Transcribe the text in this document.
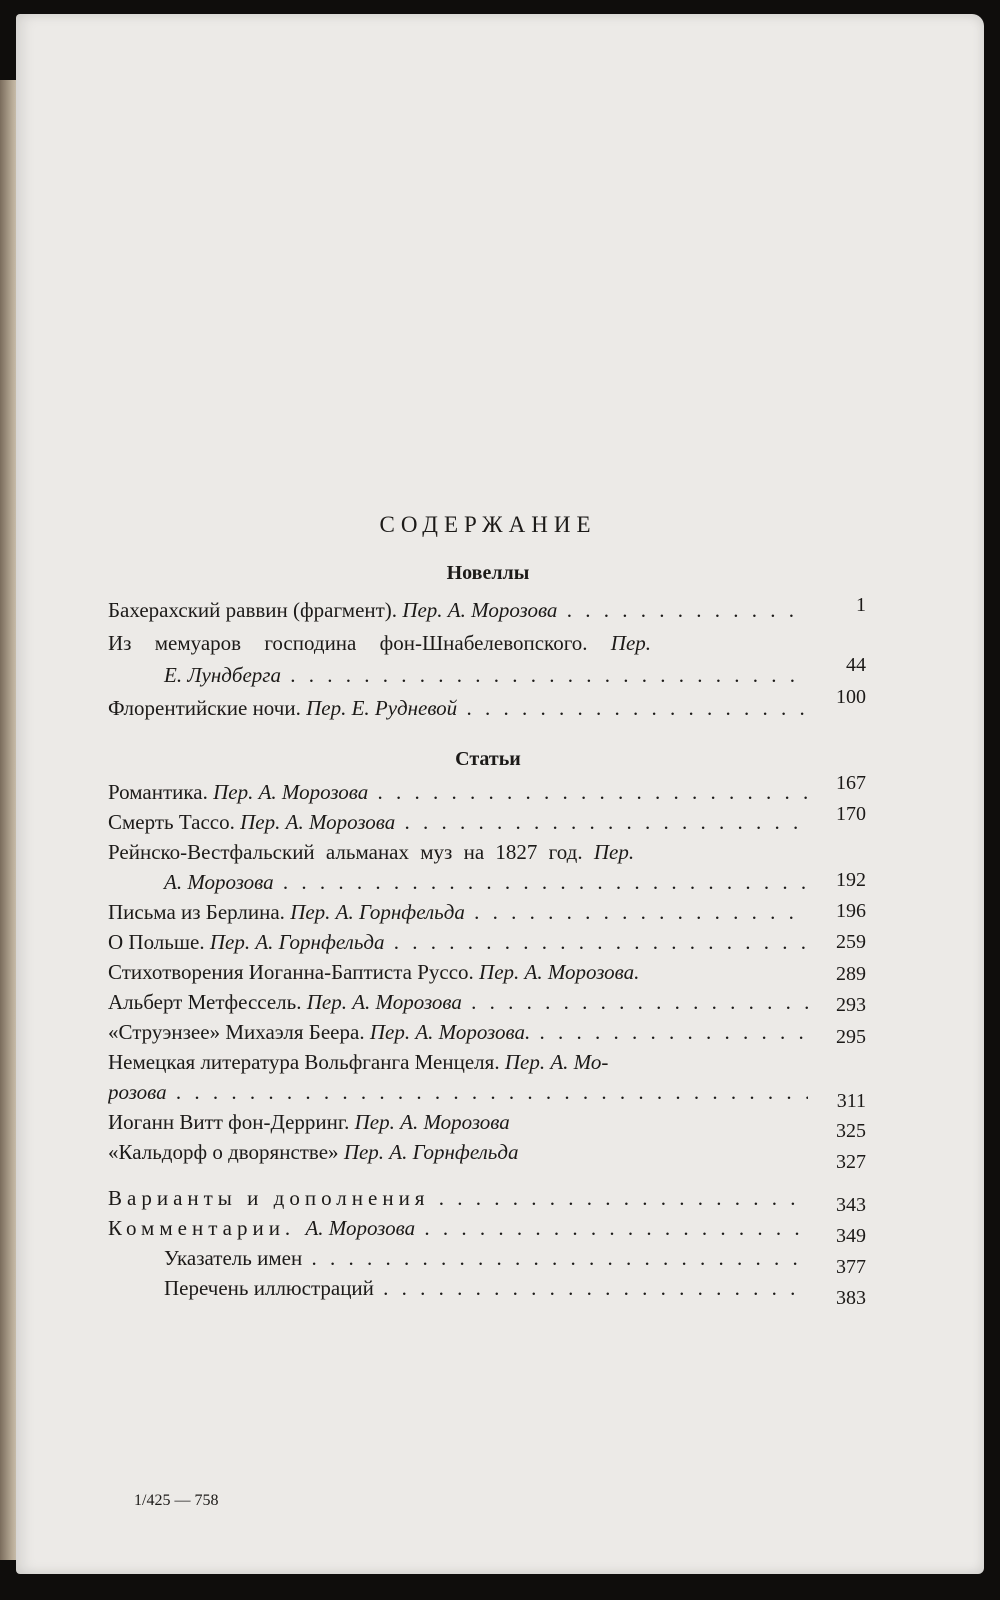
СОДЕРЖАНИЕ
Новеллы
Бахерахский раввин (фрагмент). Пер. А. Морозова . . .
Из мемуаров господина фон-Шнабелевопского. Пер.
Е. Лундберга . . .
Флорентийские ночи. Пер. Е. Рудневой . . .
Статьи
Романтика. Пер. А. Морозова . . .
Смерть Тассо. Пер. А. Морозова . . .
Рейнско-Вестфальский альманах муз на 1827 год. Пер.
А. Морозова . . .
Письма из Берлина. Пер. А. Горнфельда . . .
О Польше. Пер. А. Горнфельда . . .
Стихотворения Иоганна-Баптиста Руссо. Пер. А. Морозова.
Альберт Метфессель. Пер. А. Морозова . . .
«Струэнзее» Михаэля Беера. Пер. А. Морозова. . . .
Немецкая литература Вольфганга Менцеля. Пер. А. Мо-
розова . . .
Иоганн Витт фон-Дерринг. Пер. А. Морозова
«Кальдорф о дворянстве» Пер. А. Горнфельда
Варианты и дополнения . . .
Комментарии. А. Морозова . . .
Указатель имен . . .
Перечень иллюстраций . . .
1
44
100
167
170
192
196
259
289
293
295
311
325
327
343
349
377
383
1/425 — 758
